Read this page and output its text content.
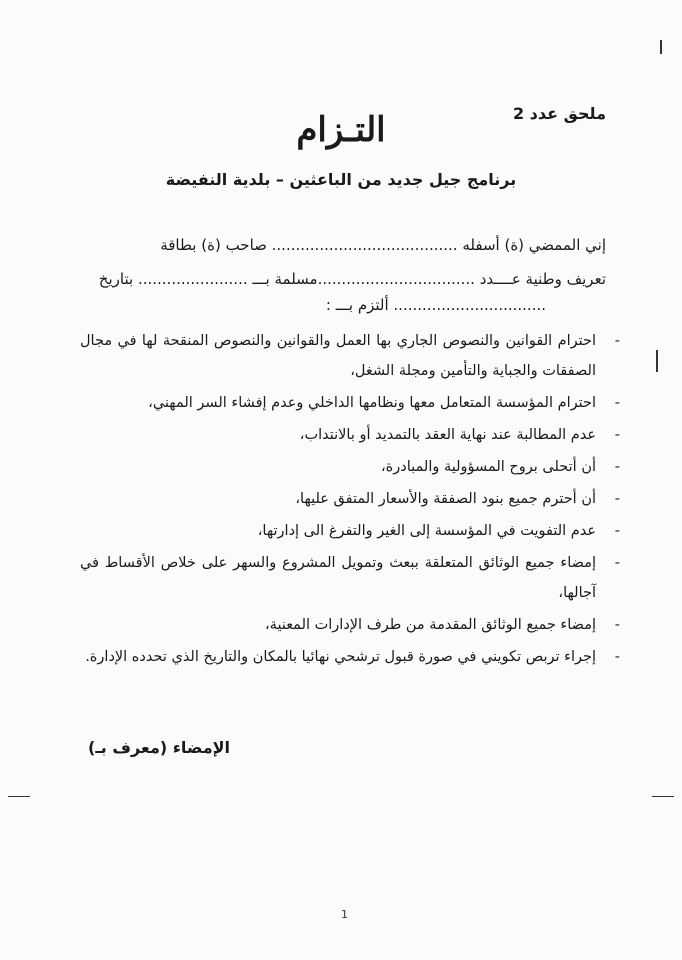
ملحق عدد 2
التـزام
برنامج جيل جديد من الباعثين – بلدية النفيضة
إني الممضي (ة) أسفله ....................................... صاحب (ة) بطاقة
تعريف وطنية عــــدد .................................مسلمة بـــ ....................... بتاريخ
................................ ألتزم بـــ :
-
احترام القوانين والنصوص الجاري بها العمل والقوانين والنصوص المنقحة لها في مجال الصفقات والجباية والتأمين ومجلة الشغل،
-
احترام المؤسسة المتعامل معها ونظامها الداخلي وعدم إفشاء السر المهني،
-
عدم المطالبة عند نهاية العقد بالتمديد أو بالانتداب،
-
أن أتحلى بروح المسؤولية والمبادرة،
-
أن أحترم جميع بنود الصفقة والأسعار المتفق عليها،
-
عدم التفويت في المؤسسة إلى الغير والتفرغ الى إدارتها،
-
إمضاء جميع الوثائق المتعلقة ببعث وتمويل المشروع والسهر على خلاص الأقساط في آجالها،
-
إمضاء جميع الوثائق المقدمة من طرف الإدارات المعنية،
-
إجراء تربص تكويني في صورة قبول ترشحي نهائيا بالمكان والتاريخ الذي تحدده الإدارة.
الإمضاء (معرف بـ)
1
